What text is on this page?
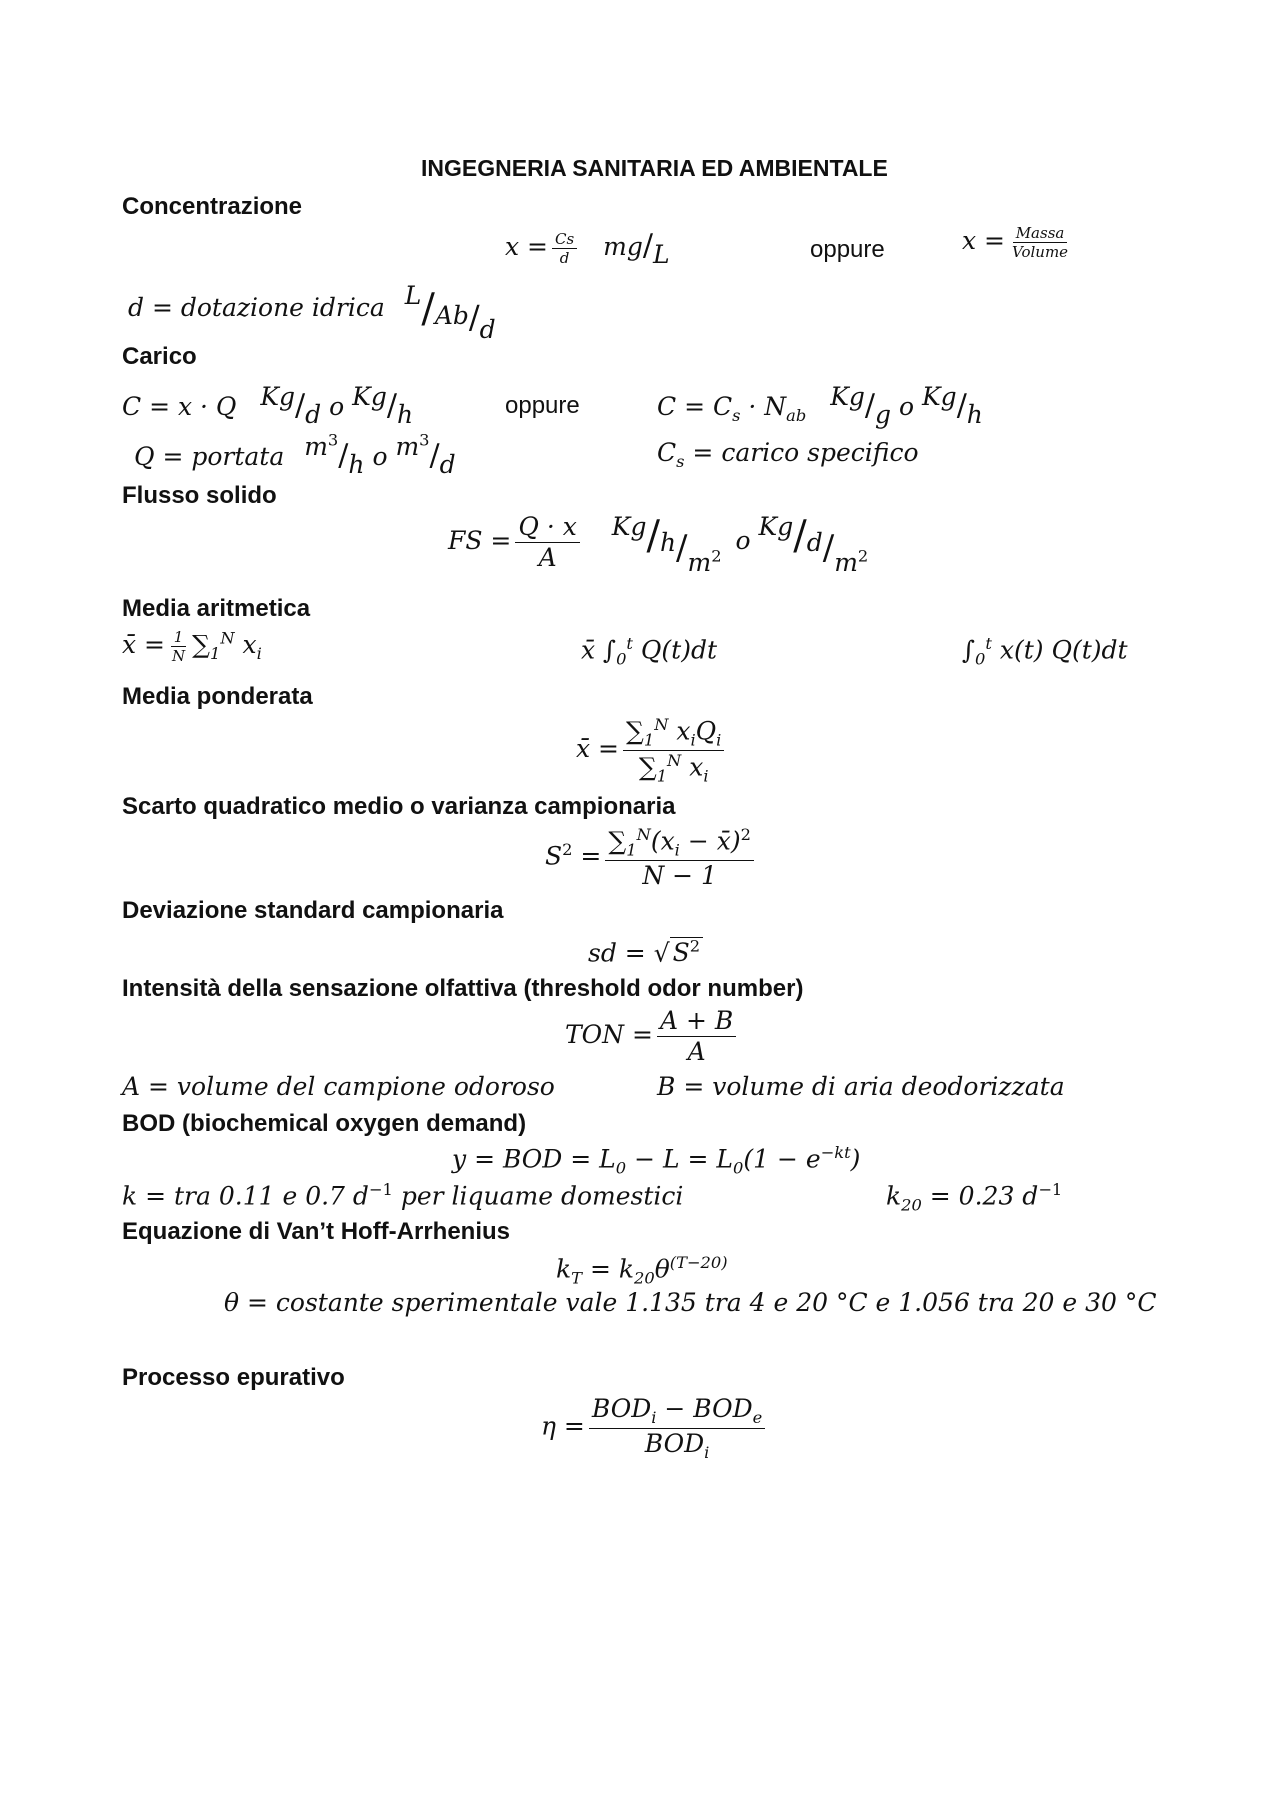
INGEGNERIA SANITARIA ED AMBIENTALE
Concentrazione
$x = \frac{Cs}{d} mg/L$	oppure	$x = \frac{\text{Massa}}{\text{Volume}}$
d = dotazione idrica L/Ab/d
Carico
C = x · Q Kg/d o Kg/h	oppure	$C = C_s \cdot N_{ab}$ Kg/g o Kg/h
Q = portata $m^3/h$ o $m^3/d$	$C_s$ = carico specifico
Flusso solido
FS = $\frac{Q \cdot x}{A} Kg/h/m^2$ o $Kg/d/m^2$
Media aritmetica
x̄ = $\frac{1}{N} \sum_1^N$ $x_i$	x̄ $\int_0^t$ Q(t)dt	$\int_0^t$ x(t) Q(t)dt
Media ponderata
x̄ = $\frac{\sum_1^N x_iQ_i}{\sum_1^N x_i}$
Scarto quadratico medio o varianza campionaria
$S^2 = \frac{\sum_1^N(x_i - x̄)^2}{N - 1}$
Deviazione standard campionaria
sd = √ $S^2$
Intensità della sensazione olfattiva (threshold odor number)
TON = $\frac{A + B}{A}$
A = volume del campione odoroso	B = volume di aria deodorizzata
BOD (biochemical oxygen demand)
y = BOD = $L_0 - L = L_0(1 - e^{-kt})$
k = tra 0.11 e 0.7 $d^{-1}$ per liquame domestici	$k_{20} = 0.23$ $d^{-1}$
Equazione di Van’t Hoff-Arrhenius
$k_T = k_{20}\theta^{(T-20)}$
θ = costante sperimentale vale 1.135 tra 4 e 20 °C e 1.056 tra 20 e 30 °C
Processo epurativo
$\eta = \frac{BOD_i - BOD_e}{BOD_i}$
